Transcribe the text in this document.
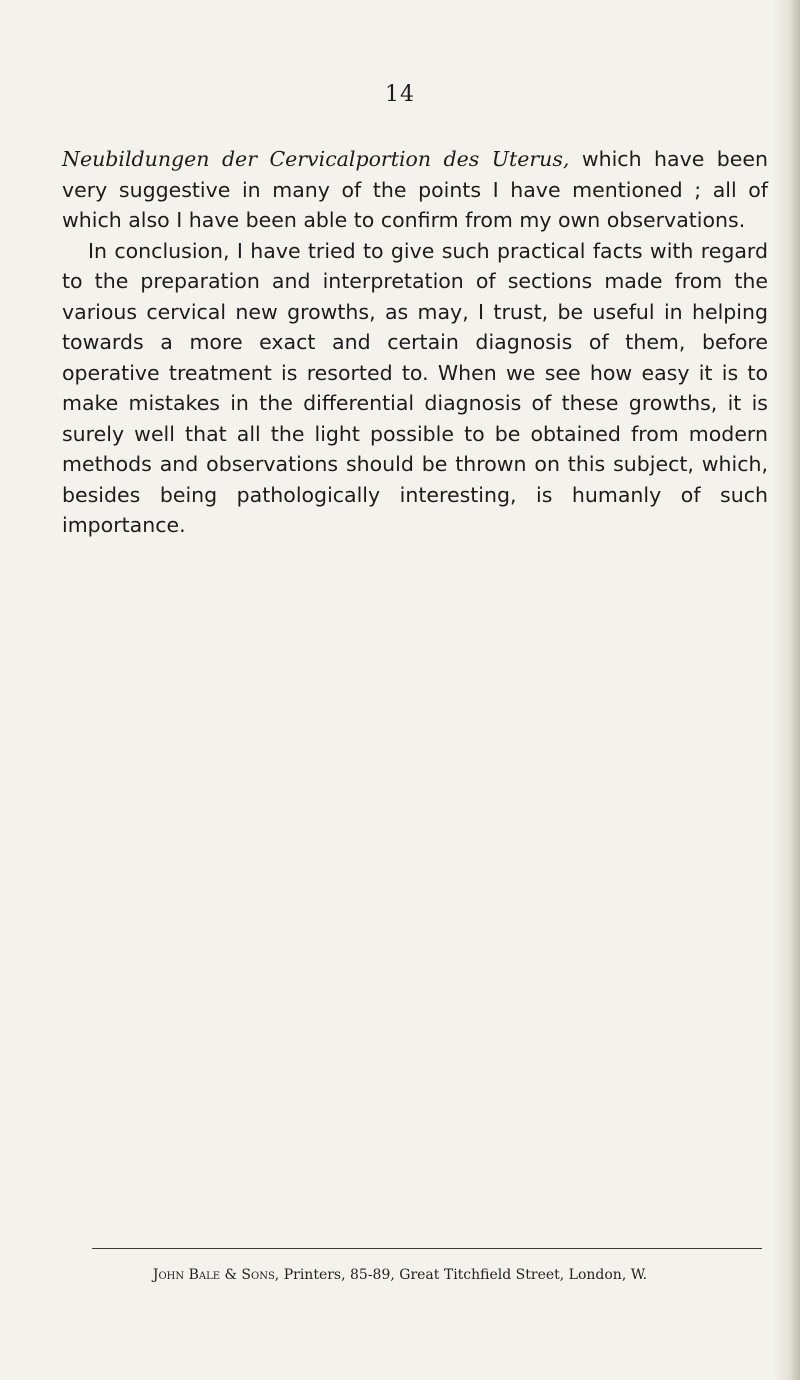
14

Neubildungen der Cervicalportion des Uterus, which have been very suggestive in many of the points I have mentioned ; all of which also I have been able to confirm from my own observations.

In conclusion, I have tried to give such practical facts with regard to the preparation and interpretation of sections made from the various cervical new growths, as may, I trust, be useful in helping towards a more exact and certain diagnosis of them, before operative treatment is resorted to. When we see how easy it is to make mistakes in the differential diagnosis of these growths, it is surely well that all the light possible to be obtained from modern methods and observations should be thrown on this subject, which, besides being pathologically interesting, is humanly of such importance.

John Bale & Sons, Printers, 85-89, Great Titchfield Street, London, W.
